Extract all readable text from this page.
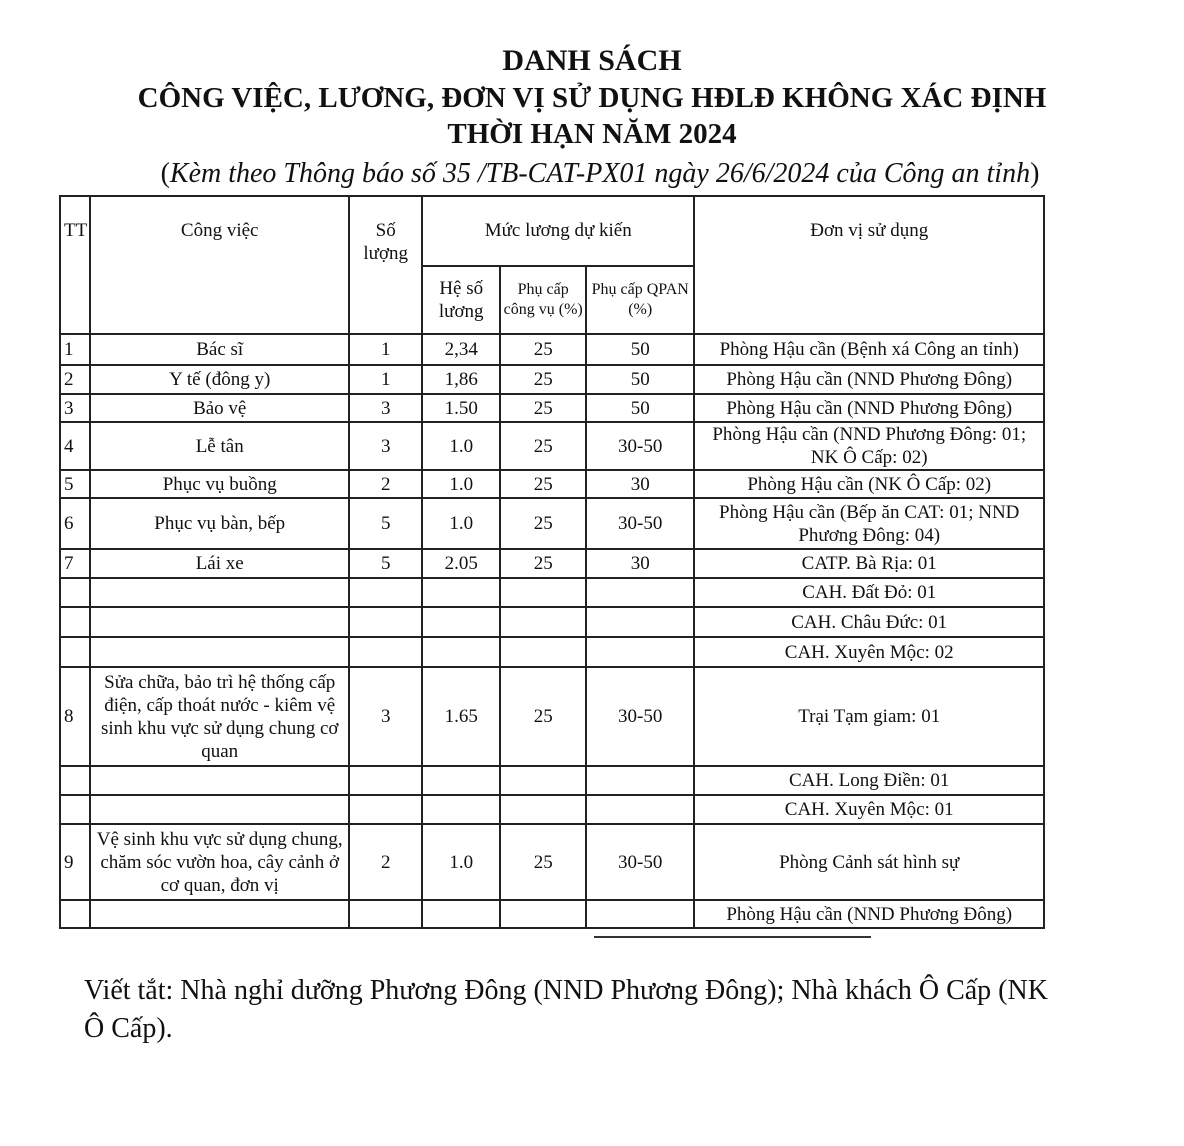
DANH SÁCH
CÔNG VIỆC, LƯƠNG, ĐƠN VỊ SỬ DỤNG HĐLĐ KHÔNG XÁC ĐỊNH
THỜI HẠN NĂM 2024
(Kèm theo Thông báo số 35 /TB-CAT-PX01 ngày 26/6/2024 của Công an tỉnh)
TT	Công việc	Số lượng	Mức lương dự kiến			Đơn vị sử dụng
			Hệ số lương	Phụ cấp công vụ (%)	Phụ cấp QPAN (%)	
1	Bác sĩ	1	2,34	25	50	Phòng Hậu cần (Bệnh xá Công an tỉnh)
2	Y tế (đông y)	1	1,86	25	50	Phòng Hậu cần (NND Phương Đông)
3	Bảo vệ	3	1.50	25	50	Phòng Hậu cần (NND Phương Đông)
4	Lễ tân	3	1.0	25	30-50	Phòng Hậu cần (NND Phương Đông: 01; NK Ô Cấp: 02)
5	Phục vụ buồng	2	1.0	25	30	Phòng Hậu cần (NK Ô Cấp: 02)
6	Phục vụ bàn, bếp	5	1.0	25	30-50	Phòng Hậu cần (Bếp ăn CAT: 01; NND Phương Đông: 04)
7	Lái xe	5	2.05	25	30	CATP. Bà Rịa: 01
						CAH. Đất Đỏ: 01
						CAH. Châu Đức: 01
						CAH. Xuyên Mộc: 02
8	Sửa chữa, bảo trì hệ thống cấp điện, cấp thoát nước - kiêm vệ sinh khu vực sử dụng chung cơ quan	3	1.65	25	30-50	Trại Tạm giam: 01
						CAH. Long Điền: 01
						CAH. Xuyên Mộc: 01
9	Vệ sinh khu vực sử dụng chung, chăm sóc vườn hoa, cây cảnh ở cơ quan, đơn vị	2	1.0	25	30-50	Phòng Cảnh sát hình sự
						Phòng Hậu cần (NND Phương Đông)
Viết tắt: Nhà nghỉ dưỡng Phương Đông (NND Phương Đông); Nhà khách Ô Cấp (NK Ô Cấp).
